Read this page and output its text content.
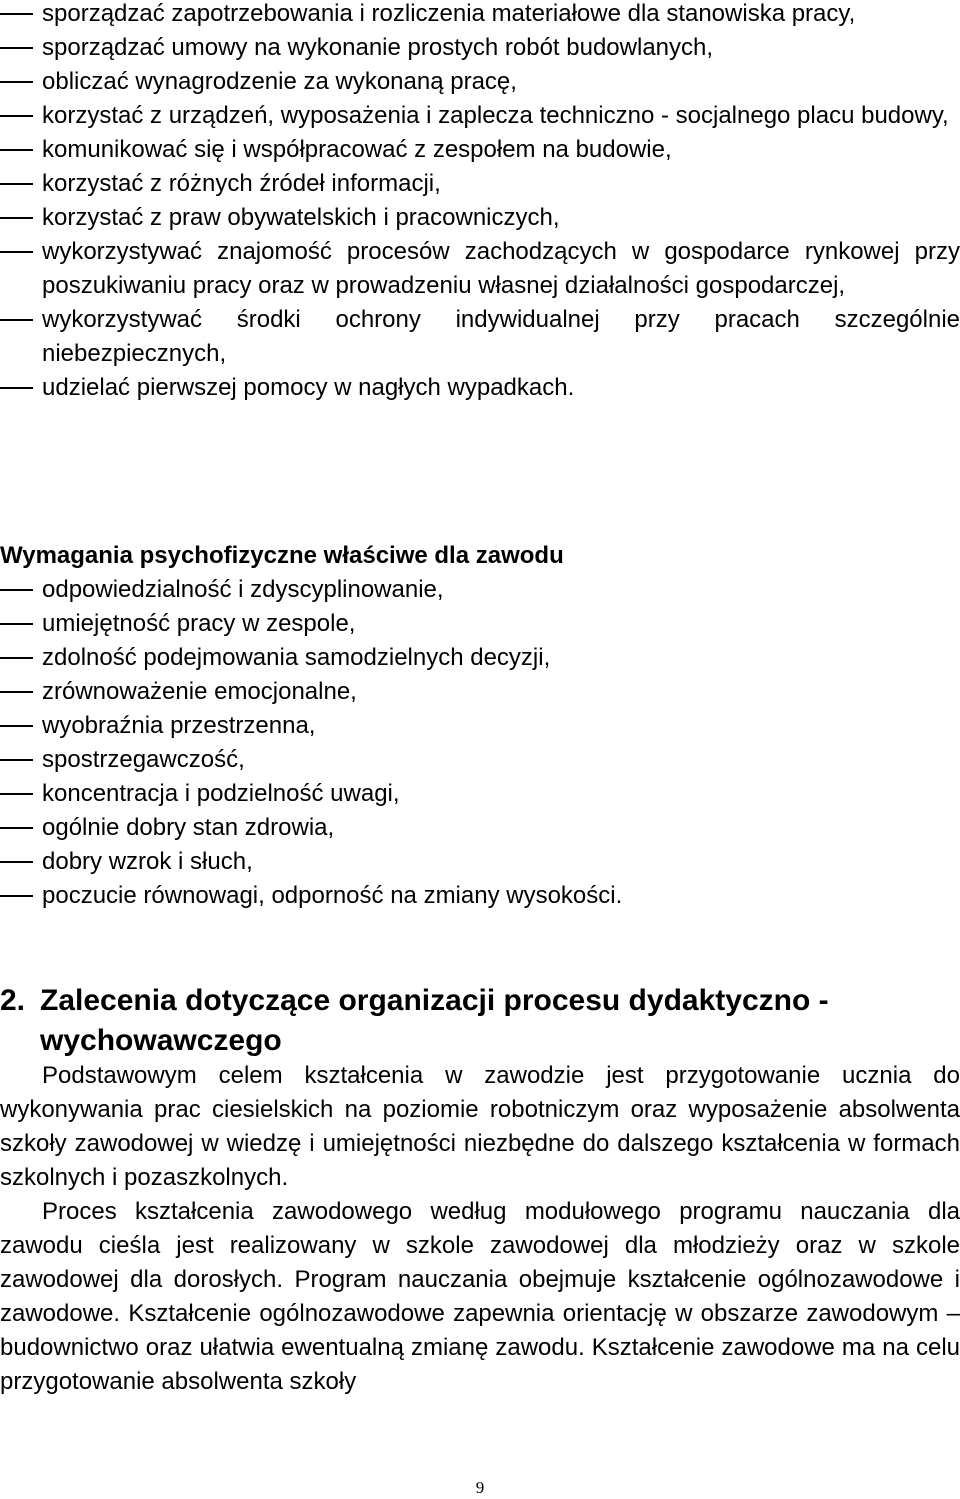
sporządzać zapotrzebowania i rozliczenia materiałowe dla stanowiska pracy,
sporządzać umowy na wykonanie prostych robót budowlanych,
obliczać wynagrodzenie za wykonaną pracę,
korzystać z urządzeń, wyposażenia i zaplecza techniczno - socjalnego placu budowy,
komunikować się i współpracować z zespołem na budowie,
korzystać z różnych źródeł informacji,
korzystać z praw obywatelskich i pracowniczych,
wykorzystywać znajomość procesów zachodzących w gospodarce rynkowej przy poszukiwaniu pracy oraz w prowadzeniu własnej działalności gospodarczej,
wykorzystywać środki ochrony indywidualnej przy pracach szczególnie niebezpiecznych,
udzielać pierwszej pomocy w nagłych wypadkach.
Wymagania psychofizyczne właściwe dla zawodu
odpowiedzialność i zdyscyplinowanie,
umiejętność pracy w zespole,
zdolność podejmowania samodzielnych decyzji,
zrównoważenie emocjonalne,
wyobraźnia przestrzenna,
spostrzegawczość,
koncentracja i podzielność uwagi,
ogólnie dobry stan zdrowia,
dobry wzrok i słuch,
poczucie równowagi, odporność na zmiany wysokości.
2. Zalecenia dotyczące organizacji procesu dydaktyczno -
wychowawczego

Podstawowym celem kształcenia w zawodzie jest przygotowanie ucznia do wykonywania prac ciesielskich na poziomie robotniczym oraz wyposażenie absolwenta szkoły zawodowej w wiedzę i umiejętności niezbędne do dalszego kształcenia w formach szkolnych i pozaszkolnych.

Proces kształcenia zawodowego według modułowego programu nauczania dla zawodu cieśla jest realizowany w szkole zawodowej dla młodzieży oraz w szkole zawodowej dla dorosłych. Program nauczania obejmuje kształcenie ogólnozawodowe i zawodowe. Kształcenie ogólnozawodowe zapewnia orientację w obszarze zawodowym – budownictwo oraz ułatwia ewentualną zmianę zawodu. Kształcenie zawodowe ma na celu przygotowanie absolwenta szkoły

9
